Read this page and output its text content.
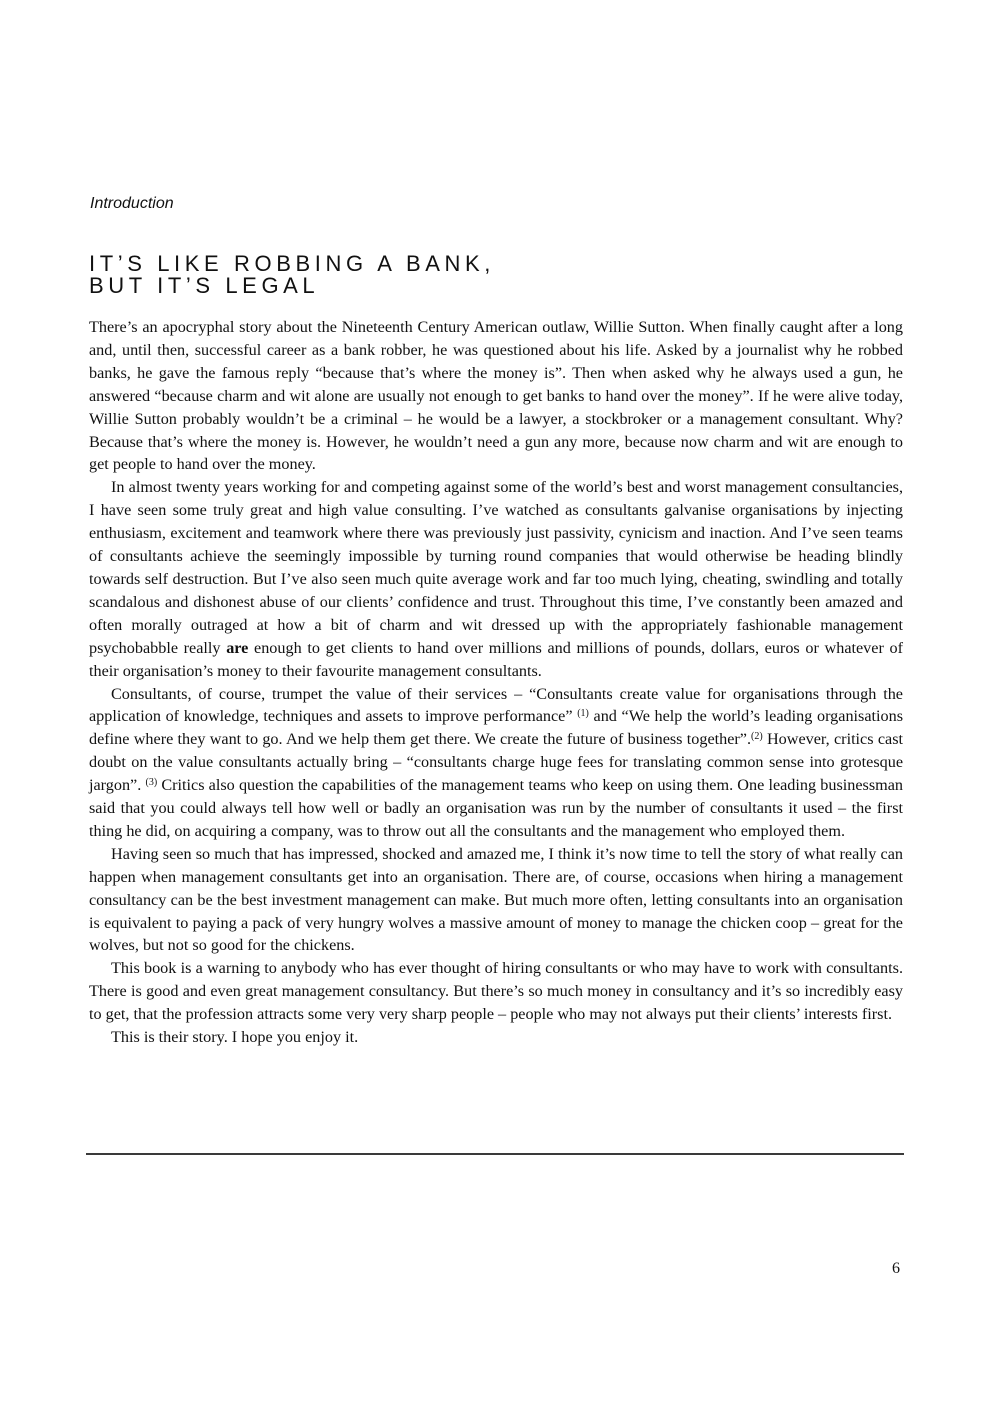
Introduction
IT’S LIKE ROBBING A BANK,
BUT IT’S LEGAL

There’s an apocryphal story about the Nineteenth Century American outlaw, Willie Sutton. When finally caught after a long and, until then, successful career as a bank robber, he was questioned about his life. Asked by a journalist why he robbed banks, he gave the famous reply “because that’s where the money is”. Then when asked why he always used a gun, he answered “because charm and wit alone are usually not enough to get banks to hand over the money”. If he were alive today, Willie Sutton probably wouldn’t be a criminal – he would be a lawyer, a stockbroker or a management consultant. Why? Because that’s where the money is. However, he wouldn’t need a gun any more, because now charm and wit are enough to get people to hand over the money.

In almost twenty years working for and competing against some of the world’s best and worst management consultancies, I have seen some truly great and high value consulting. I’ve watched as consultants galvanise organisations by injecting enthusiasm, excitement and teamwork where there was previously just passivity, cynicism and inaction. And I’ve seen teams of consultants achieve the seemingly impossible by turning round companies that would otherwise be heading blindly towards self destruction. But I’ve also seen much quite average work and far too much lying, cheating, swindling and totally scandalous and dishonest abuse of our clients’ confidence and trust. Throughout this time, I’ve constantly been amazed and often morally outraged at how a bit of charm and wit dressed up with the appropriately fashionable management psychobabble really are enough to get clients to hand over millions and millions of pounds, dollars, euros or whatever of their organisation’s money to their favourite management consultants.

Consultants, of course, trumpet the value of their services – “Consultants create value for organisations through the application of knowledge, techniques and assets to improve performance” $^{(1)}$ and “We help the world’s leading organisations define where they want to go. And we help them get there. We create the future of business together”.$^{(2)}$ However, critics cast doubt on the value consultants actually bring – “consultants charge huge fees for translating common sense into grotesque jargon”. $^{(3)}$ Critics also question the capabilities of the management teams who keep on using them. One leading businessman said that you could always tell how well or badly an organisation was run by the number of consultants it used – the first thing he did, on acquiring a company, was to throw out all the consultants and the management who employed them.

Having seen so much that has impressed, shocked and amazed me, I think it’s now time to tell the story of what really can happen when management consultants get into an organisation. There are, of course, occasions when hiring a management consultancy can be the best investment management can make. But much more often, letting consultants into an organisation is equivalent to paying a pack of very hungry wolves a massive amount of money to manage the chicken coop – great for the wolves, but not so good for the chickens.

This book is a warning to anybody who has ever thought of hiring consultants or who may have to work with consultants. There is good and even great management consultancy. But there’s so much money in consultancy and it’s so incredibly easy to get, that the profession attracts some very very sharp people – people who may not always put their clients’ interests first.

This is their story. I hope you enjoy it.

6
